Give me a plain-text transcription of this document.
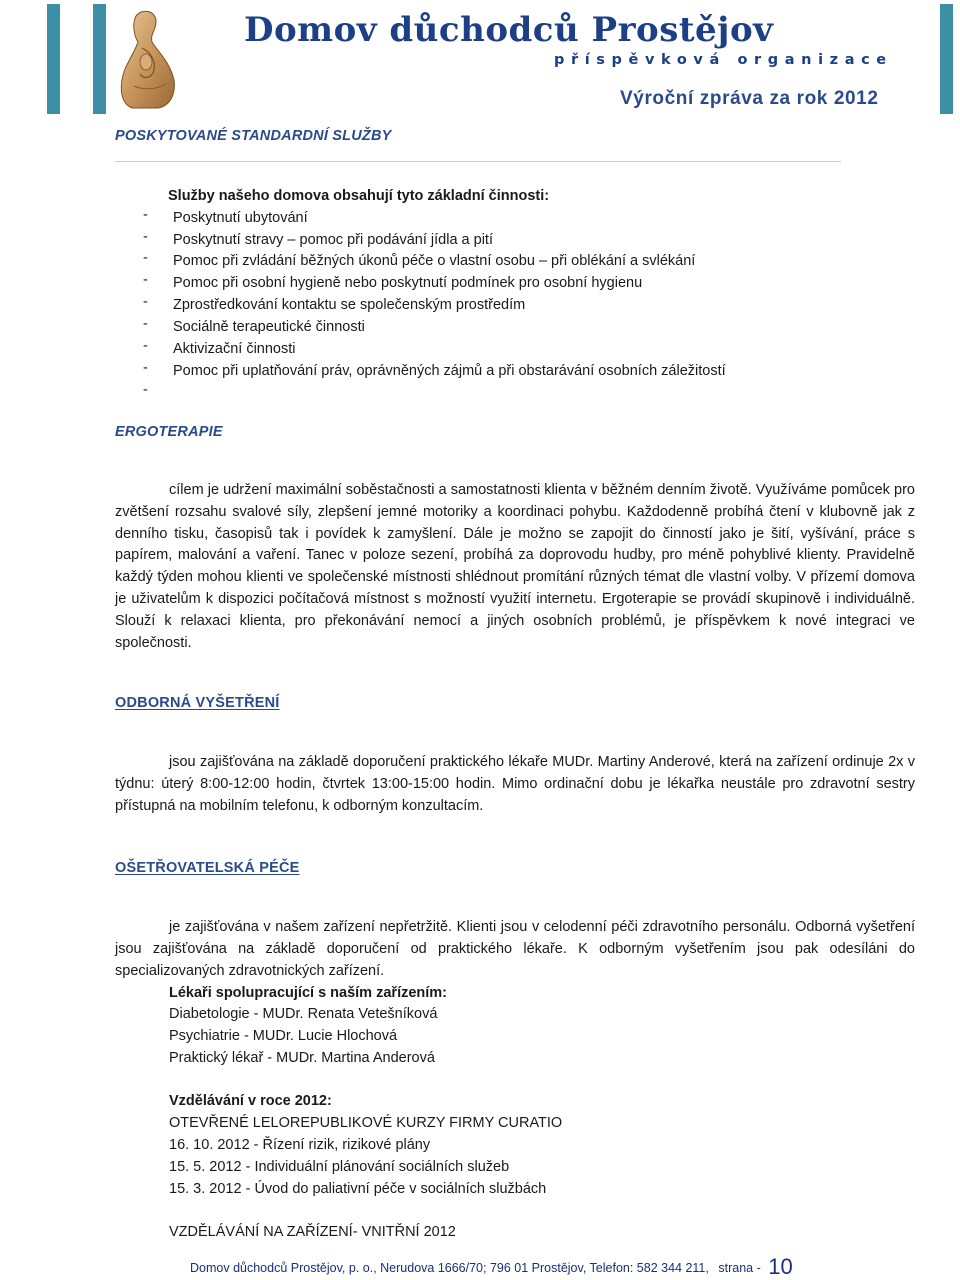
Domov důchodců Prostějov
příspěvková organizace
Výroční zpráva za rok 2012
POSKYTOVANÉ STANDARDNÍ SLUŽBY
Služby našeho domova obsahují tyto základní činnosti:
- Poskytnutí ubytování
- Poskytnutí stravy – pomoc při podávání jídla a pití
- Pomoc při zvládání běžných úkonů péče o vlastní osobu – při oblékání a svlékání
- Pomoc při osobní hygieně nebo poskytnutí podmínek pro osobní hygienu
- Zprostředkování kontaktu se společenským prostředím
- Sociálně terapeutické činnosti
- Aktivizační činnosti
- Pomoc při uplatňování práv, oprávněných zájmů a při obstarávání osobních záležitostí
-
ERGOTERAPIE
cílem je udržení maximální soběstačnosti a samostatnosti klienta v běžném denním životě. Využíváme pomůcek pro zvětšení rozsahu svalové síly, zlepšení jemné motoriky a koordinaci pohybu. Každodenně probíhá čtení v klubovně jak z denního tisku, časopisů tak i povídek k zamyšlení. Dále je možno se zapojit do činností jako je šití, vyšívání, práce s papírem, malování a vaření. Tanec v poloze sezení, probíhá za doprovodu hudby, pro méně pohyblivé klienty. Pravidelně každý týden mohou klienti ve společenské místnosti shlédnout promítání různých témat dle vlastní volby. V přízemí domova je uživatelům k dispozici počítačová místnost s možností využití internetu. Ergoterapie se provádí skupinově i individuálně. Slouží k relaxaci klienta, pro překonávání nemocí a jiných osobních problémů, je příspěvkem k nové integraci ve společnosti.
ODBORNÁ VYŠETŘENÍ
jsou zajišťována na základě doporučení praktického lékaře MUDr. Martiny Anderové, která na zařízení ordinuje 2x v týdnu: úterý 8:00-12:00 hodin, čtvrtek 13:00-15:00 hodin. Mimo ordinační dobu je lékařka neustále pro zdravotní sestry přístupná na mobilním telefonu, k odborným konzultacím.
OŠETŘOVATELSKÁ PÉČE
je zajišťována v našem zařízení nepřetržitě. Klienti jsou v celodenní péči zdravotního personálu. Odborná vyšetření jsou zajišťována na základě doporučení od praktického lékaře. K odborným vyšetřením jsou pak odesíláni do specializovaných zdravotnických zařízení.
Lékaři spolupracující s naším zařízením:
Diabetologie - MUDr. Renata Vetešníková
Psychiatrie - MUDr. Lucie Hlochová
Praktický lékař - MUDr. Martina Anderová
Vzdělávání v roce 2012:
OTEVŘENÉ LELOREPUBLIKOVÉ KURZY FIRMY CURATIO
16. 10. 2012 - Řízení rizik, rizikové plány
15. 5. 2012 - Individuální plánování sociálních služeb
15. 3. 2012 - Úvod do paliativní péče v sociálních službách
VZDĚLÁVÁNÍ NA ZAŘÍZENÍ- VNITŘNÍ 2012
Domov důchodců Prostějov, p. o., Nerudova 1666/70; 796 01 Prostějov, Telefon: 582 344 211, strana - 10
